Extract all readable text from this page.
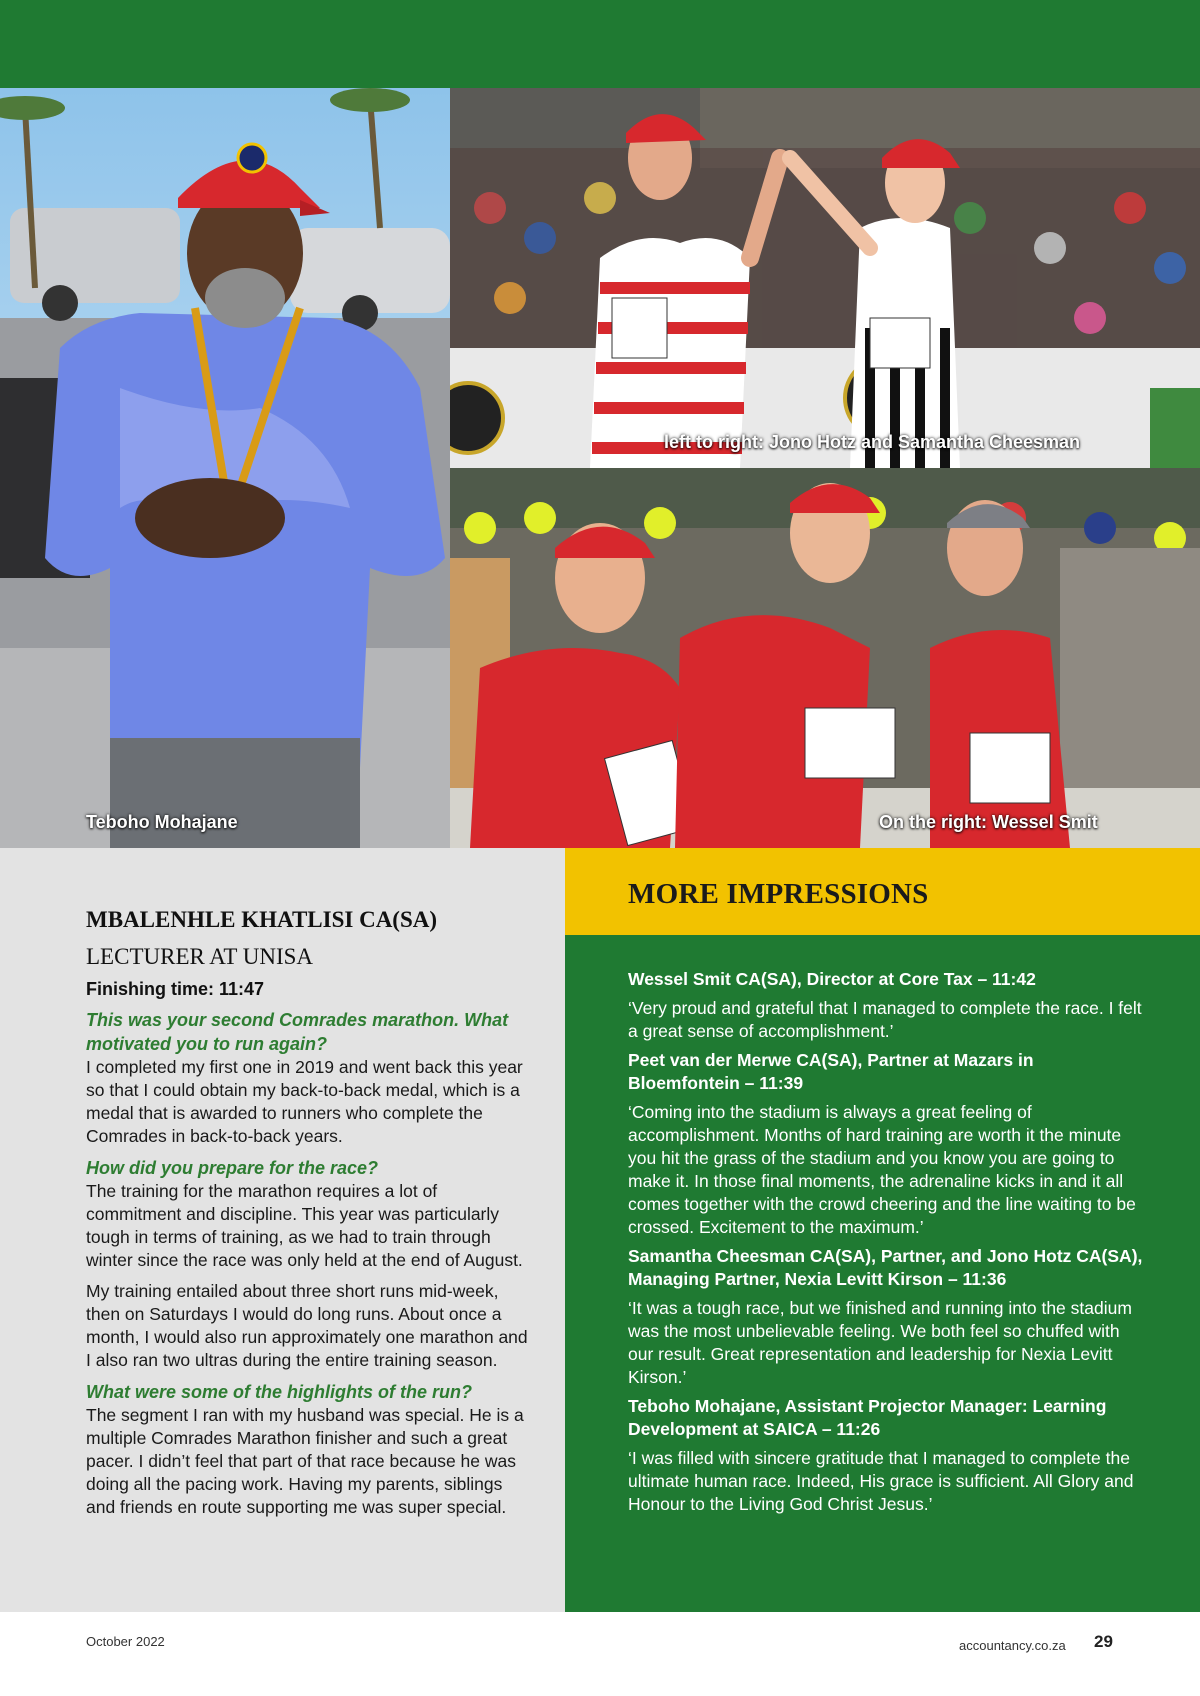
Teboho Mohajane
left to right: Jono Hotz and Samantha Cheesman
On the right: Wessel Smit
MBALENHLE KHATLISI CA(SA)

LECTURER AT UNISA

Finishing time: 11:47

This was your second Comrades marathon. What motivated you to run again?

I completed my first one in 2019 and went back this year so that I could obtain my back-to-back medal, which is a medal that is awarded to runners who complete the Comrades in back-to-back years.

How did you prepare for the race?

The training for the marathon requires a lot of commitment and discipline. This year was particularly tough in terms of training, as we had to train through winter since the race was only held at the end of August.

My training entailed about three short runs mid-week, then on Saturdays I would do long runs. About once a month, I would also run approximately one marathon and I also ran two ultras during the entire training season.

What were some of the highlights of the run?

The segment I ran with my husband was special. He is a multiple Comrades Marathon finisher and such a great pacer. I didn’t feel that part of that race because he was doing all the pacing work. Having my parents, siblings and friends en route supporting me was super special.

MORE IMPRESSIONS

Wessel Smit CA(SA), Director at Core Tax – 11:42

‘Very proud and grateful that I managed to complete the race. I felt a great sense of accomplishment.’

Peet van der Merwe CA(SA), Partner at Mazars in Bloemfontein – 11:39

‘Coming into the stadium is always a great feeling of accomplishment. Months of hard training are worth it the minute you hit the grass of the stadium and you know you are going to make it. In those final moments, the adrenaline kicks in and it all comes together with the crowd cheering and the line waiting to be crossed. Excitement to the maximum.’

Samantha Cheesman CA(SA), Partner, and Jono Hotz CA(SA), Managing Partner, Nexia Levitt Kirson – 11:36

‘It was a tough race, but we finished and running into the stadium was the most unbelievable feeling. We both feel so chuffed with our result. Great representation and leadership for Nexia Levitt Kirson.’

Teboho Mohajane, Assistant Projector Manager: Learning Development at SAICA – 11:26

‘I was filled with sincere gratitude that I managed to complete the ultimate human race. Indeed, His grace is sufficient. All Glory and Honour to the Living God Christ Jesus.’

October 2022	accountancy.co.za 29
